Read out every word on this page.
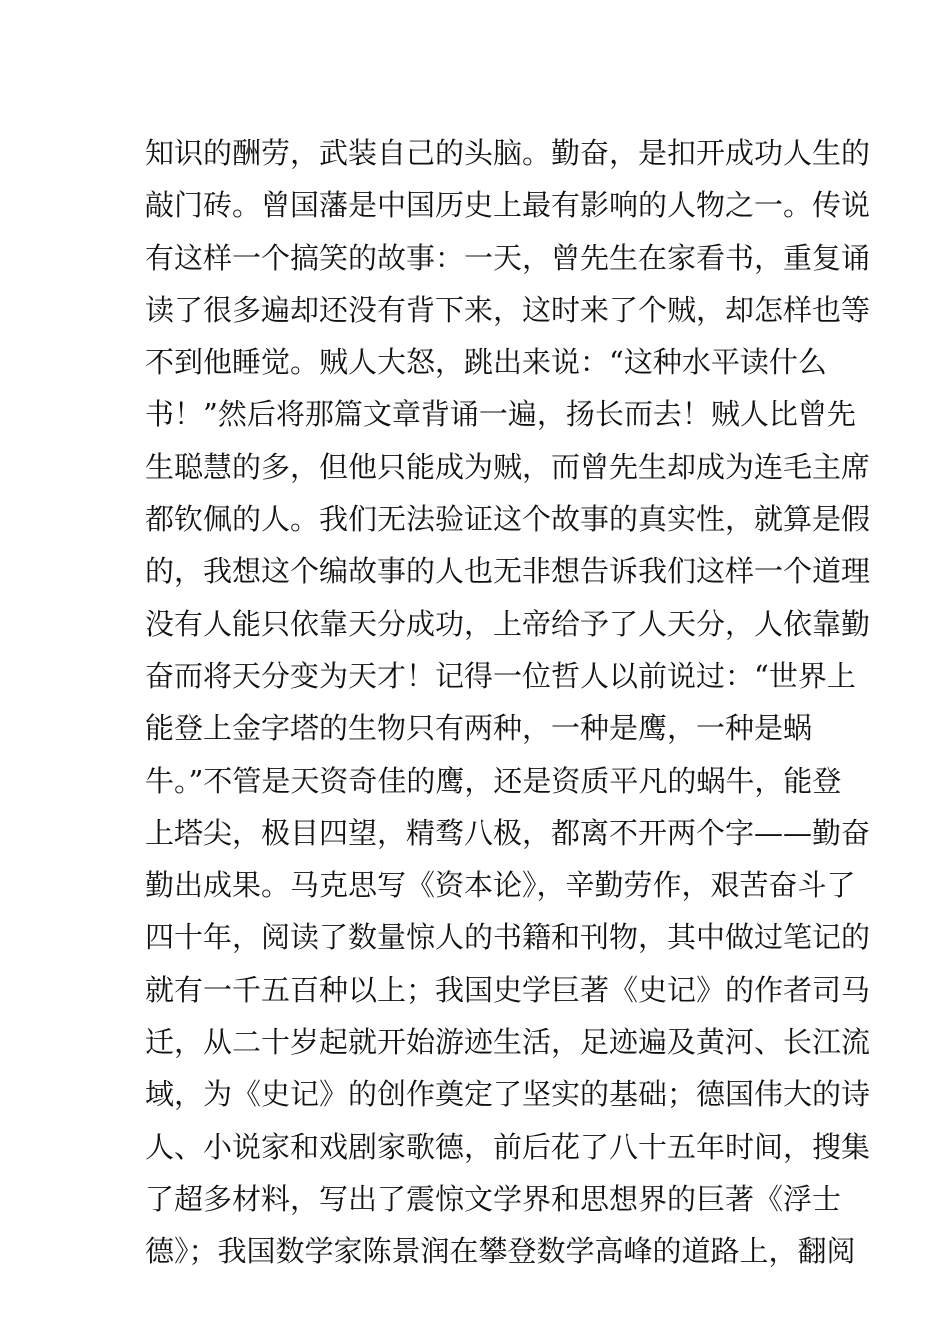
知识的酬劳，武装自己的头脑。勤奋，是扣开成功人生的
敲门砖。曾国藩是中国历史上最有影响的人物之一。传说
有这样一个搞笑的故事：一天，曾先生在家看书，重复诵
读了很多遍却还没有背下来，这时来了个贼，却怎样也等
不到他睡觉。贼人大怒，跳出来说：“这种水平读什么
书！”然后将那篇文章背诵一遍，扬长而去！贼人比曾先
生聪慧的多，但他只能成为贼，而曾先生却成为连毛主席
都钦佩的人。我们无法验证这个故事的真实性，就算是假
的，我想这个编故事的人也无非想告诉我们这样一个道理
没有人能只依靠天分成功，上帝给予了人天分，人依靠勤
奋而将天分变为天才！记得一位哲人以前说过：“世界上
能登上金字塔的生物只有两种，一种是鹰，一种是蜗
牛。”不管是天资奇佳的鹰，还是资质平凡的蜗牛，能登
上塔尖，极目四望，精骛八极，都离不开两个字——勤奋
勤出成果。马克思写《资本论》，辛勤劳作，艰苦奋斗了
四十年，阅读了数量惊人的书籍和刊物，其中做过笔记的
就有一千五百种以上；我国史学巨著《史记》的作者司马
迁，从二十岁起就开始游迹生活，足迹遍及黄河、长江流
域，为《史记》的创作奠定了坚实的基础；德国伟大的诗
人、小说家和戏剧家歌德，前后花了八十五年时间，搜集
了超多材料，写出了震惊文学界和思想界的巨著《浮士
德》；我国数学家陈景润在攀登数学高峰的道路上，翻阅
